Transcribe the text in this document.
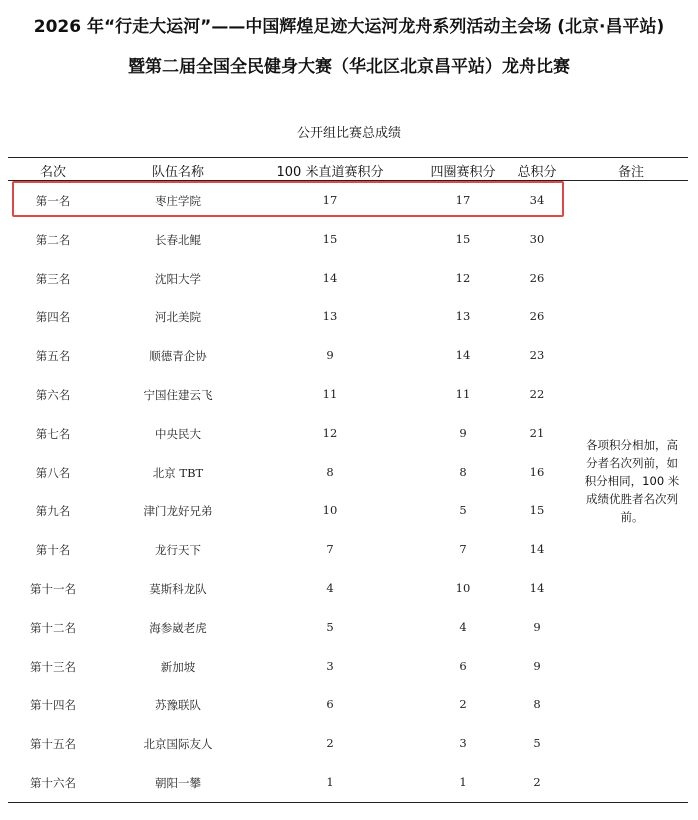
2026 年“行走大运河”——中国辉煌足迹大运河龙舟系列活动主会场 (北京·昌平站)
暨第二届全国全民健身大赛（华北区北京昌平站）龙舟比赛
公开组比赛总成绩
名次	队伍名称	100 米直道赛积分	四圈赛积分	总积分	备注
第一名	枣庄学院	17	17	34
第二名	长春北鲲	15	15	30
第三名	沈阳大学	14	12	26
第四名	河北美院	13	13	26
第五名	顺德青企协	9	14	23
第六名	宁国住建云飞	11	11	22
第七名	中央民大	12	9	21
第八名	北京 TBT	8	8	16
第九名	津门龙好兄弟	10	5	15
第十名	龙行天下	7	7	14
第十一名	莫斯科龙队	4	10	14
第十二名	海参崴老虎	5	4	9
第十三名	新加坡	3	6	9
第十四名	苏豫联队	6	2	8
第十五名	北京国际友人	2	3	5
第十六名	朝阳一攀	1	1	2
各项积分相加，高分者名次列前，如积分相同，100 米成绩优胜者名次列前。
